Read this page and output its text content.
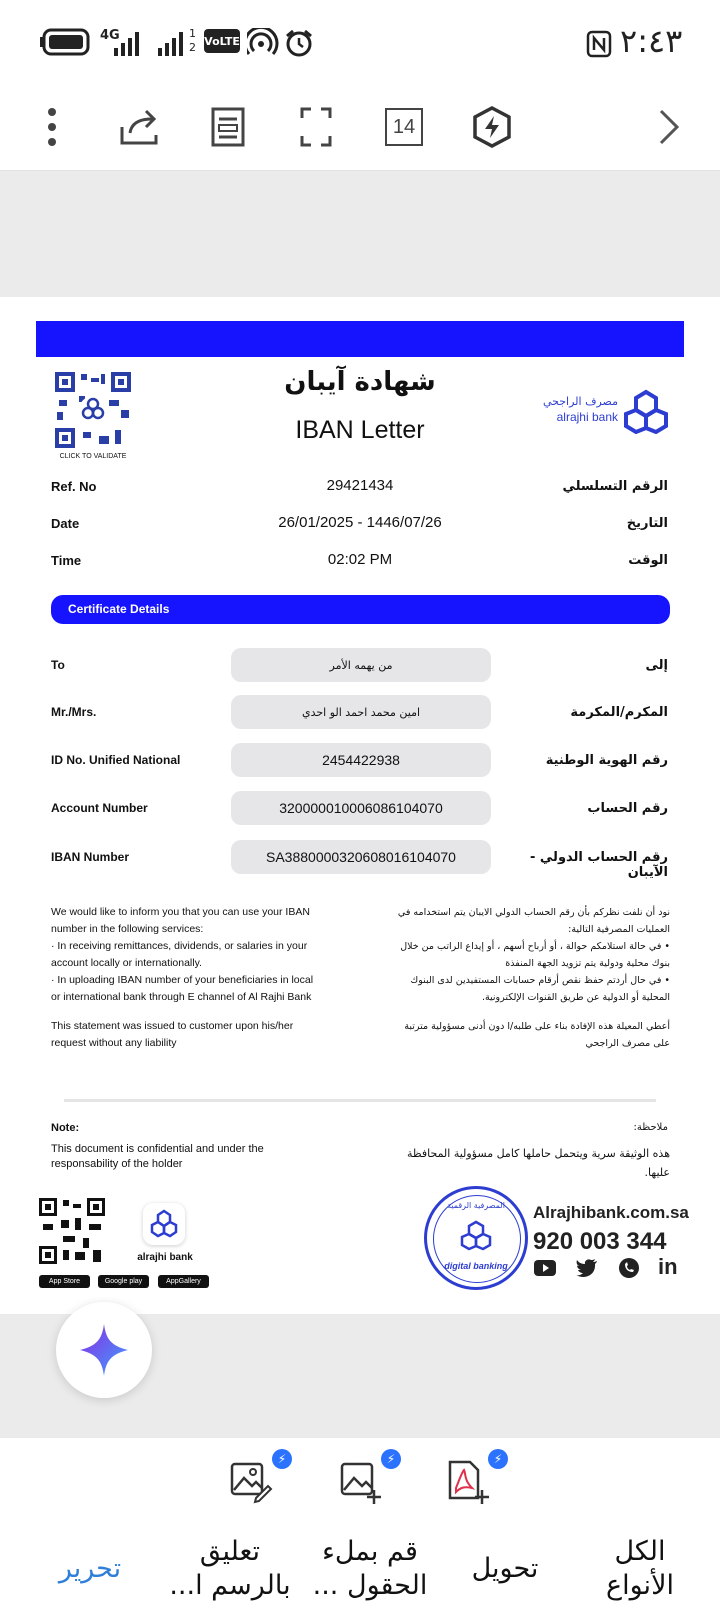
4G	1
2 VoLTE	٢:٤٣
14
CLICK TO VALIDATE
شهادة آيبان
IBAN Letter
مصرف الراجحي
alrajhi bank
Ref. No	29421434	الرقم التسلسلي
Date	26/01/2025 - 1446/07/26	التاريخ
Time	02:02 PM	الوقت
Certificate Details
To	من يهمه الأمر	إلى
Mr./Mrs.	امين محمد احمد الو احدي	المكرم/المكرمة
ID No. Unified National	2454422938	رقم الهوية الوطنية
Account Number	320000010006086104070	رقم الحساب
IBAN Number	SA3880000320608016104070	رقم الحساب الدولي - الآيبان
We would like to inform you that you can use your IBAN
number in the following services:
· In receiving remittances, dividends, or salaries in your
account locally or internationally.
· In uploading IBAN number of your beneficiaries in local
or international bank through E channel of Al Rajhi Bank
This statement was issued to customer upon his/her
request without any liability
نود أن نلفت نظركم بأن رقم الحساب الدولي الايبان يتم استخدامه في
العمليات المصرفية التالية:
• في حالة استلامكم حوالة ، أو أرباح أسهم ، أو إيداع الراتب من خلال
بنوك محلية ودولية يتم تزويد الجهة المنفذة
• في حال أردتم حفظ نقص أرقام حسابات المستفيدين لدى البنوك
المحلية أو الدولية عن طريق القنوات الإلكترونية.
أعطي المعيلة هذه الإفادة بناء على طلبه/ا دون أدنى مسؤولية مترتبة
على مصرف الراجحي
Note:
This document is confidential and under the
responsability of the holder
ملاحظة:
هذه الوثيقة سرية ويتحمل حاملها كامل مسؤولية المحافظة
عليها.
alrajhi bank
App Store	Google play	AppGallery
المصرفية الرقمية
digital banking
Alrajhibank.com.sa
920 003 344
in
⚡	⚡	⚡
الكل الأنواع
تحويل
قم بملء الحقول ...
تعليق بالرسم ا...
تحرير
